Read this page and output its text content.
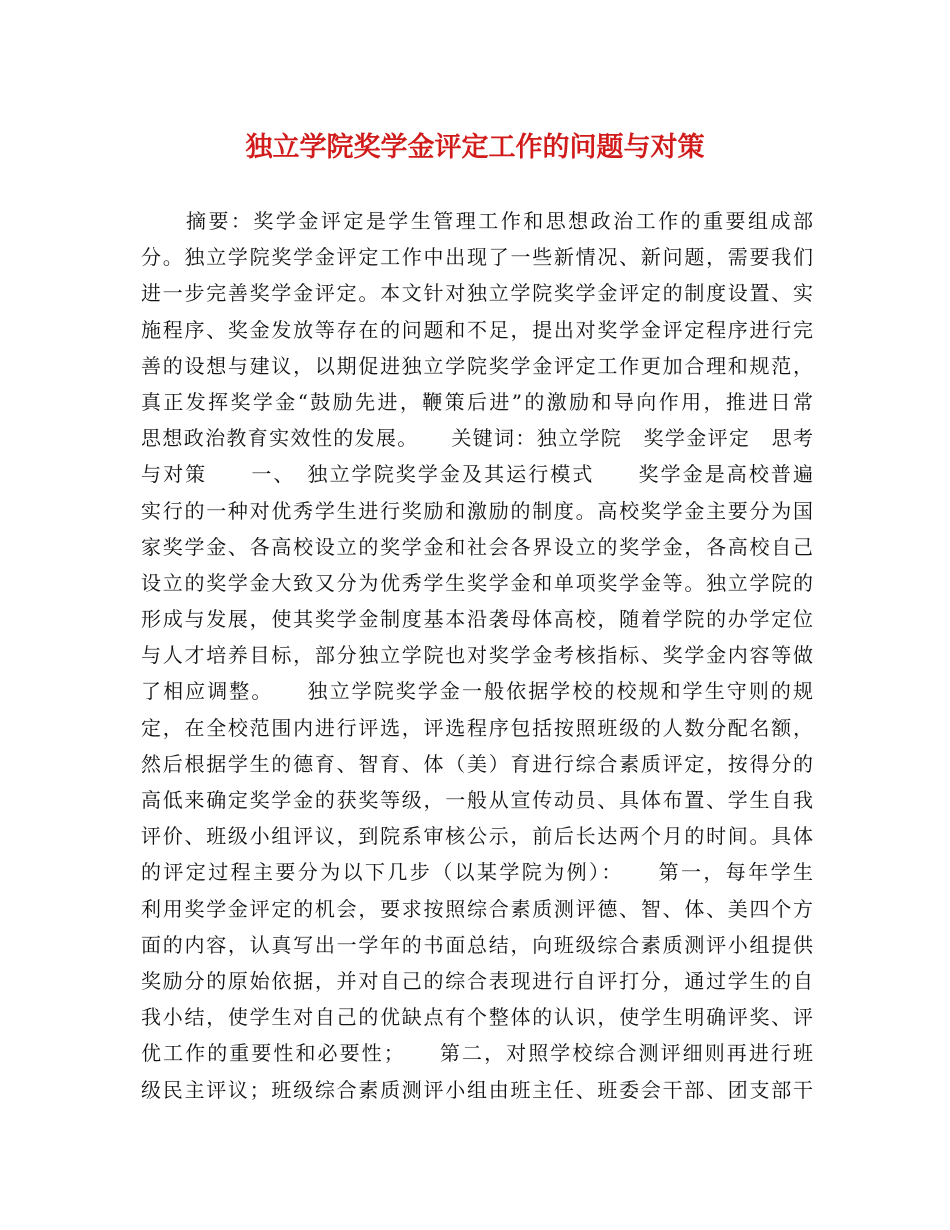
独立学院奖学金评定工作的问题与对策
　　摘要：奖学金评定是学生管理工作和思想政治工作的重要组成部
分。独立学院奖学金评定工作中出现了一些新情况、新问题，需要我们
进一步完善奖学金评定。本文针对独立学院奖学金评定的制度设置、实
施程序、奖金发放等存在的问题和不足，提出对奖学金评定程序进行完
善的设想与建议，以期促进独立学院奖学金评定工作更加合理和规范，
真正发挥奖学金“鼓励先进，鞭策后进”的激励和导向作用，推进日常
思想政治教育实效性的发展。　　关键词：独立学院　奖学金评定　思考
与对策　　一、　独立学院奖学金及其运行模式　　奖学金是高校普遍
实行的一种对优秀学生进行奖励和激励的制度。高校奖学金主要分为国
家奖学金、各高校设立的奖学金和社会各界设立的奖学金，各高校自己
设立的奖学金大致又分为优秀学生奖学金和单项奖学金等。独立学院的
形成与发展，使其奖学金制度基本沿袭母体高校，随着学院的办学定位
与人才培养目标，部分独立学院也对奖学金考核指标、奖学金内容等做
了相应调整。　　独立学院奖学金一般依据学校的校规和学生守则的规
定，在全校范围内进行评选，评选程序包括按照班级的人数分配名额，
然后根据学生的德育、智育、体（美）育进行综合素质评定，按得分的
高低来确定奖学金的获奖等级，一般从宣传动员、具体布置、学生自我
评价、班级小组评议，到院系审核公示，前后长达两个月的时间。具体
的评定过程主要分为以下几步（以某学院为例）：　　第一，每年学生
利用奖学金评定的机会，要求按照综合素质测评德、智、体、美四个方
面的内容，认真写出一学年的书面总结，向班级综合素质测评小组提供
奖励分的原始依据，并对自己的综合表现进行自评打分，通过学生的自
我小结，使学生对自己的优缺点有个整体的认识，使学生明确评奖、评
优工作的重要性和必要性；　　第二，对照学校综合测评细则再进行班
级民主评议；班级综合素质测评小组由班主任、班委会干部、团支部干
